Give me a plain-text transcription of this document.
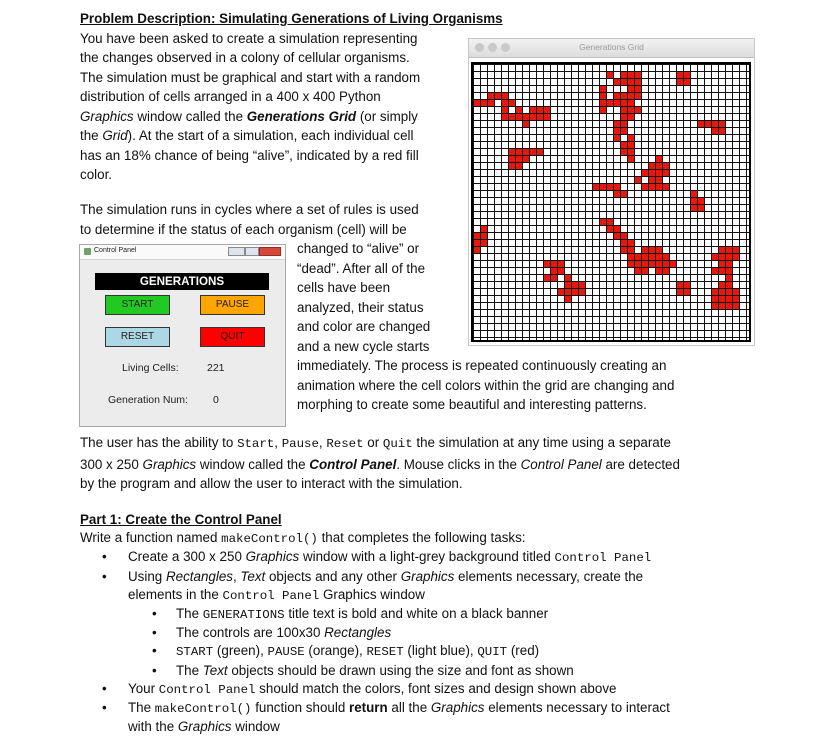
Problem Description: Simulating Generations of Living Organisms
You have been asked to create a simulation representing
the changes observed in a colony of cellular organisms.
The simulation must be graphical and start with a random
distribution of cells arranged in a 400 x 400 Python
Graphics window called the Generations Grid (or simply
the Grid). At the start of a simulation, each individual cell
has an 18% chance of being “alive”, indicated by a red fill
color.
The simulation runs in cycles where a set of rules is used
to determine if the status of each organism (cell) will be
changed to “alive” or
“dead”. After all of the
cells have been
analyzed, their status
and color are changed
and a new cycle starts
immediately. The process is repeated continuously creating an
animation where the cell colors within the grid are changing and
morphing to create some beautiful and interesting patterns.
Generations Grid
Control Panel
GENERATIONS
START	PAUSE
RESET	QUIT
Living Cells:	221
Generation Num: 0
The user has the ability to Start, Pause, Reset or Quit the simulation at any time using a separate
300 x 250 Graphics window called the Control Panel. Mouse clicks in the Control Panel are detected
by the program and allow the user to interact with the simulation.
Part 1: Create the Control Panel
Write a function named makeControl() that completes the following tasks:
• Create a 300 x 250 Graphics window with a light-grey background titled Control Panel
• Using Rectangles, Text objects and any other Graphics elements necessary, create the
elements in the Control Panel Graphics window
• The GENERATIONS title text is bold and white on a black banner
• The controls are 100x30 Rectangles
• START (green), PAUSE (orange), RESET (light blue), QUIT (red)
• The Text objects should be drawn using the size and font as shown
• Your Control Panel should match the colors, font sizes and design shown above
• The makeControl() function should return all the Graphics elements necessary to interact
with the Graphics window
